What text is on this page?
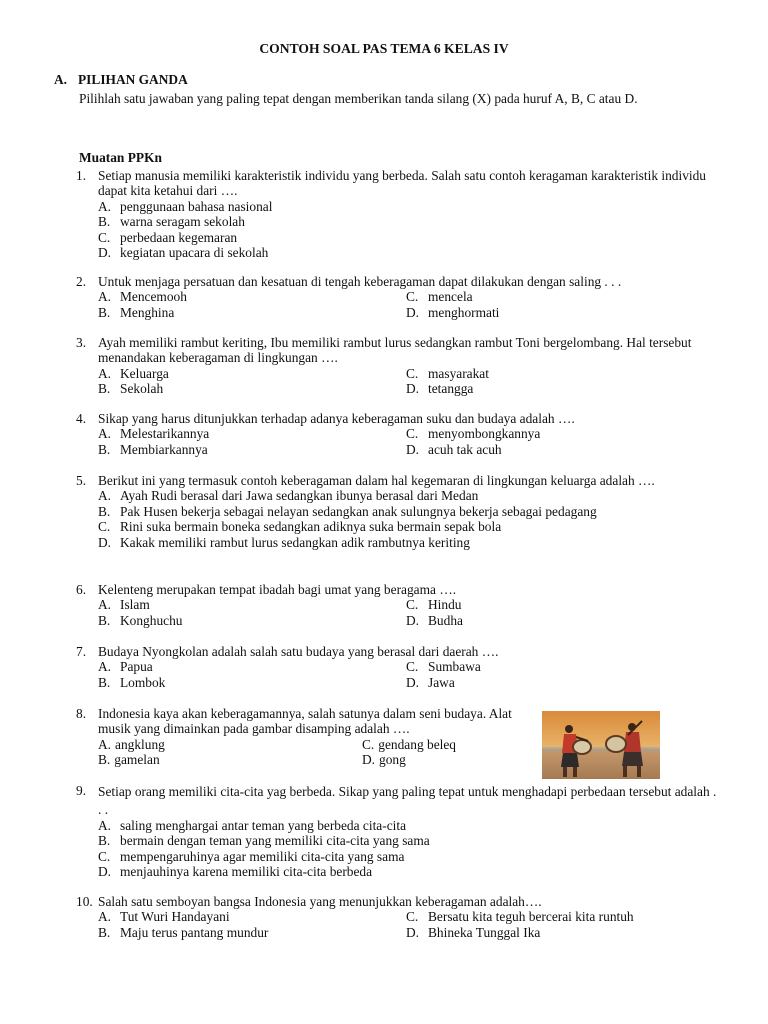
CONTOH SOAL PAS TEMA 6 KELAS IV
A. PILIHAN GANDA
Pilihlah satu jawaban yang paling tepat dengan memberikan tanda silang (X) pada huruf A, B, C atau D.
Muatan PPKn
1. Setiap manusia memiliki karakteristik individu yang berbeda. Salah satu contoh keragaman karakteristik individu dapat kita ketahui dari ….
A. penggunaan bahasa nasional
B. warna seragam sekolah
C. perbedaan kegemaran
D. kegiatan upacara di sekolah
2. Untuk menjaga persatuan dan kesatuan di tengah keberagaman dapat dilakukan dengan saling . . .
A. Mencemooh	C. mencela
B. Menghina	D. menghormati
3. Ayah memiliki rambut keriting, Ibu memiliki rambut lurus sedangkan rambut Toni bergelombang. Hal tersebut menandakan keberagaman di lingkungan ….
A. Keluarga	C. masyarakat
B. Sekolah	D. tetangga
4. Sikap yang harus ditunjukkan terhadap adanya keberagaman suku dan budaya adalah ….
A. Melestarikannya	C. menyombongkannya
B. Membiarkannya	D. acuh tak acuh
5. Berikut ini yang termasuk contoh keberagaman dalam hal kegemaran di lingkungan keluarga adalah ….
A. Ayah Rudi berasal dari Jawa sedangkan ibunya berasal dari Medan
B. Pak Husen bekerja sebagai nelayan sedangkan anak sulungnya bekerja sebagai pedagang
C. Rini suka bermain boneka sedangkan adiknya suka bermain sepak bola
D. Kakak memiliki rambut lurus sedangkan adik rambutnya keriting
6. Kelenteng merupakan tempat ibadah bagi umat yang beragama ….
A. Islam	C. Hindu
B. Konghuchu	D. Budha
7. Budaya Nyongkolan adalah salah satu budaya yang berasal dari daerah ….
A. Papua	C. Sumbawa
B. Lombok	D. Jawa
8. Indonesia kaya akan keberagamannya, salah satunya dalam seni budaya. Alat musik yang dimainkan pada gambar disamping adalah ….
A. angklung	C. gendang beleq
B. gamelan	D. gong
9. Setiap orang memiliki cita-cita yag berbeda. Sikap yang paling tepat untuk menghadapi perbedaan tersebut adalah . . .
A. saling menghargai antar teman yang berbeda cita-cita
B. bermain dengan teman yang memiliki cita-cita yang sama
C. mempengaruhinya agar memiliki cita-cita yang sama
D. menjauhinya karena memiliki cita-cita berbeda
10. Salah satu semboyan bangsa Indonesia yang menunjukkan keberagaman adalah….
A. Tut Wuri Handayani	C. Bersatu kita teguh bercerai kita runtuh
B. Maju terus pantang mundur	D. Bhineka Tunggal Ika
